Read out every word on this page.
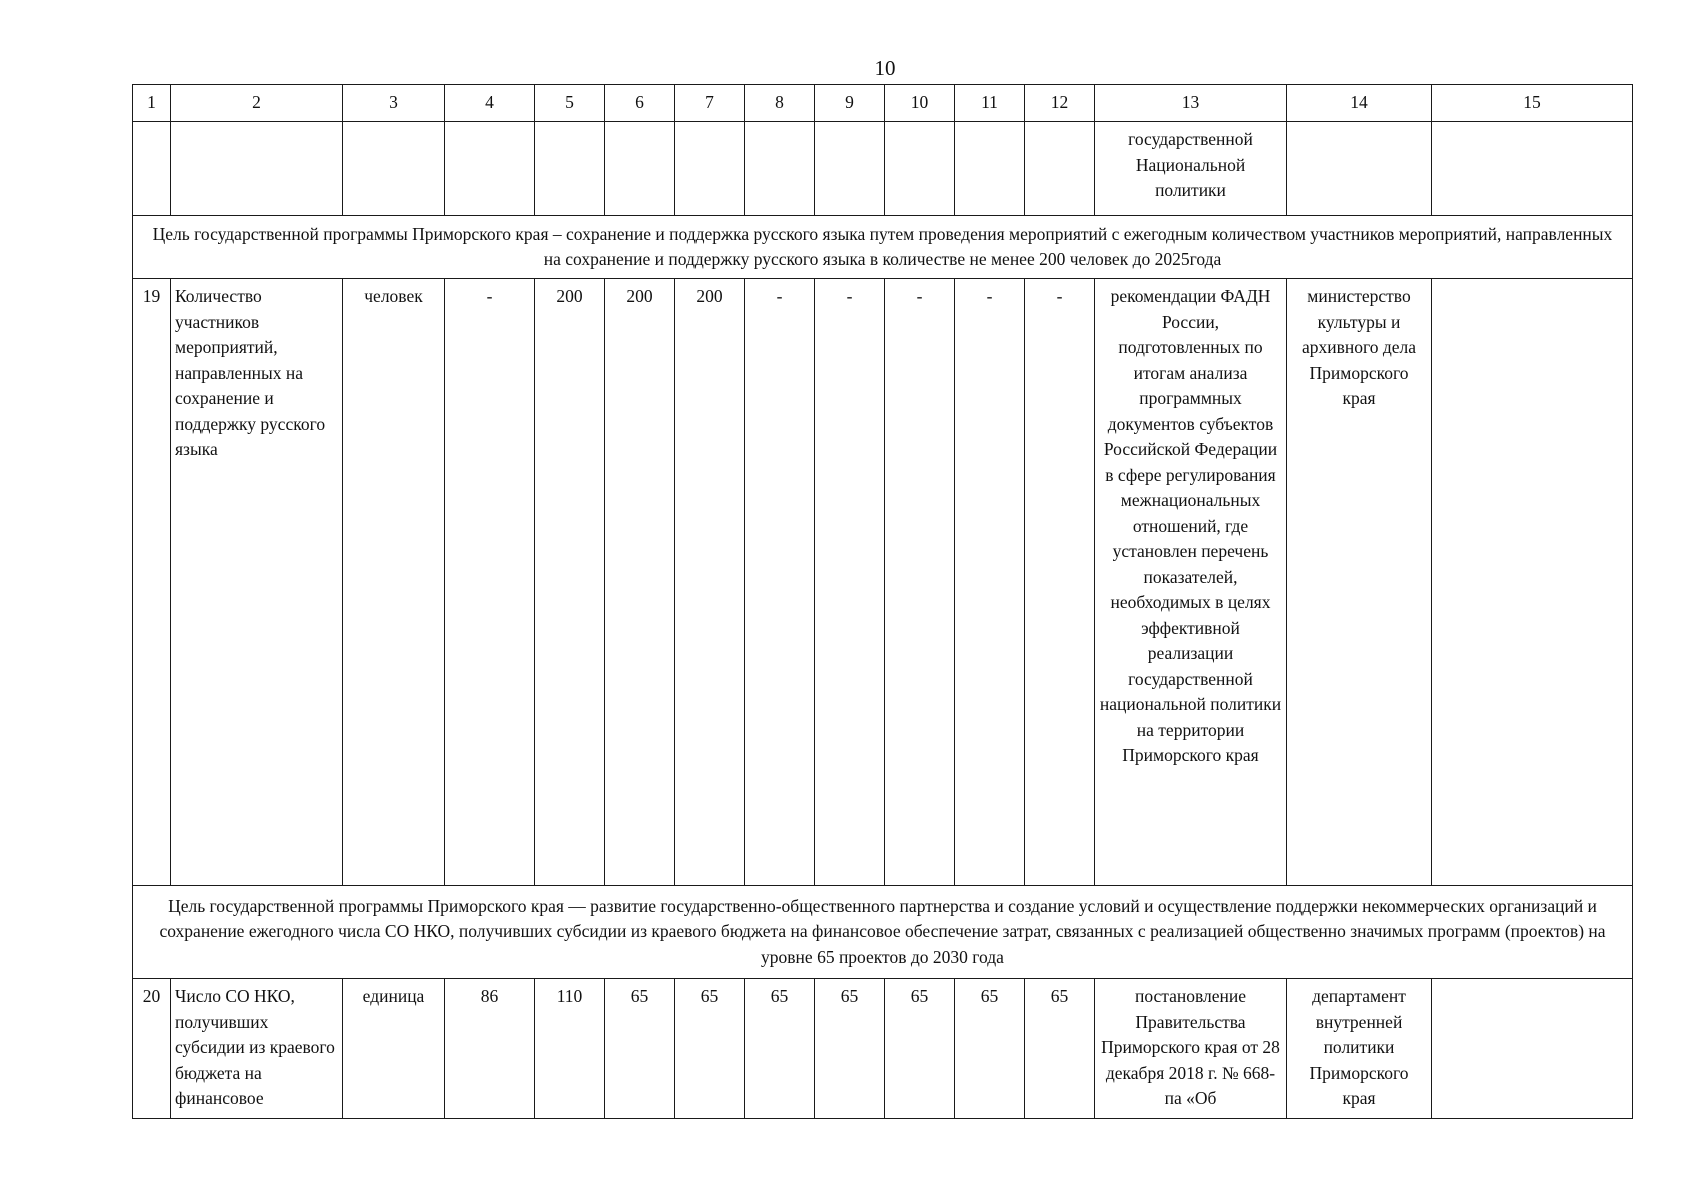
10
1	2	3	4	5	6	7	8	9	10	11	12	13	14	15
												государственной Национальной политики		
Цель государственной программы Приморского края – сохранение и поддержка русского языка путем проведения мероприятий с ежегодным количеством участников мероприятий, направленных на сохранение и поддержку русского языка в количестве не менее 200 человек до 2025года														
19	Количество участников мероприятий, направленных на сохранение и поддержку русского языка	человек	-	200	200	200	-	-	-	-	-	рекомендации ФАДН России, подготовленных по итогам анализа программных документов субъектов Российской Федерации в сфере регулирования межнациональных отношений, где установлен перечень показателей, необходимых в целях эффективной реализации государственной национальной политики на территории Приморского края	министерство культуры и архивного дела Приморского края	
Цель государственной программы Приморского края — развитие государственно-общественного партнерства и создание условий и осуществление поддержки некоммерческих организаций и сохранение ежегодного числа СО НКО, получивших субсидии из краевого бюджета на финансовое обеспечение затрат, связанных с реализацией общественно значимых программ (проектов) на уровне 65 проектов до 2030 года														
20	Число СО НКО, получивших субсидии из краевого бюджета на финансовое	единица	86	110	65	65	65	65	65	65	65	постановление Правительства Приморского края от 28 декабря 2018 г. № 668-па «Об	департамент внутренней политики Приморского края	
